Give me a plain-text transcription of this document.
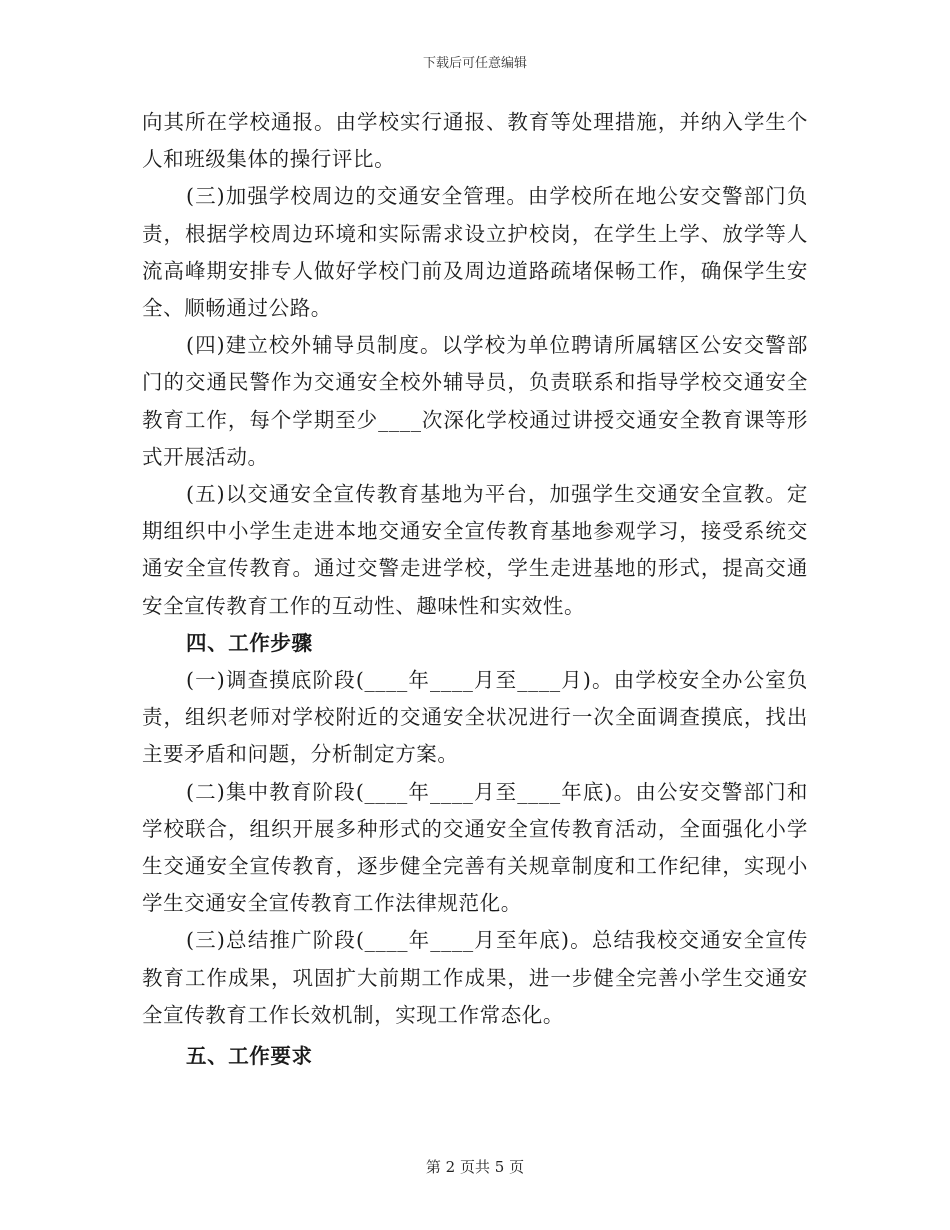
下载后可任意编辑

向其所在学校通报。由学校实行通报、教育等处理措施，并纳入学生个人和班级集体的操行评比。

(三)加强学校周边的交通安全管理。由学校所在地公安交警部门负责，根据学校周边环境和实际需求设立护校岗，在学生上学、放学等人流高峰期安排专人做好学校门前及周边道路疏堵保畅工作，确保学生安全、顺畅通过公路。

(四)建立校外辅导员制度。以学校为单位聘请所属辖区公安交警部门的交通民警作为交通安全校外辅导员，负责联系和指导学校交通安全教育工作，每个学期至少____次深化学校通过讲授交通安全教育课等形式开展活动。

(五)以交通安全宣传教育基地为平台，加强学生交通安全宣教。定期组织中小学生走进本地交通安全宣传教育基地参观学习，接受系统交通安全宣传教育。通过交警走进学校，学生走进基地的形式，提高交通安全宣传教育工作的互动性、趣味性和实效性。

四、工作步骤

(一)调查摸底阶段(____年____月至____月)。由学校安全办公室负责，组织老师对学校附近的交通安全状况进行一次全面调查摸底，找出主要矛盾和问题，分析制定方案。

(二)集中教育阶段(____年____月至____年底)。由公安交警部门和学校联合，组织开展多种形式的交通安全宣传教育活动，全面强化小学生交通安全宣传教育，逐步健全完善有关规章制度和工作纪律，实现小学生交通安全宣传教育工作法律规范化。

(三)总结推广阶段(____年____月至年底)。总结我校交通安全宣传教育工作成果，巩固扩大前期工作成果，进一步健全完善小学生交通安全宣传教育工作长效机制，实现工作常态化。

五、工作要求

第 2 页共 5 页
